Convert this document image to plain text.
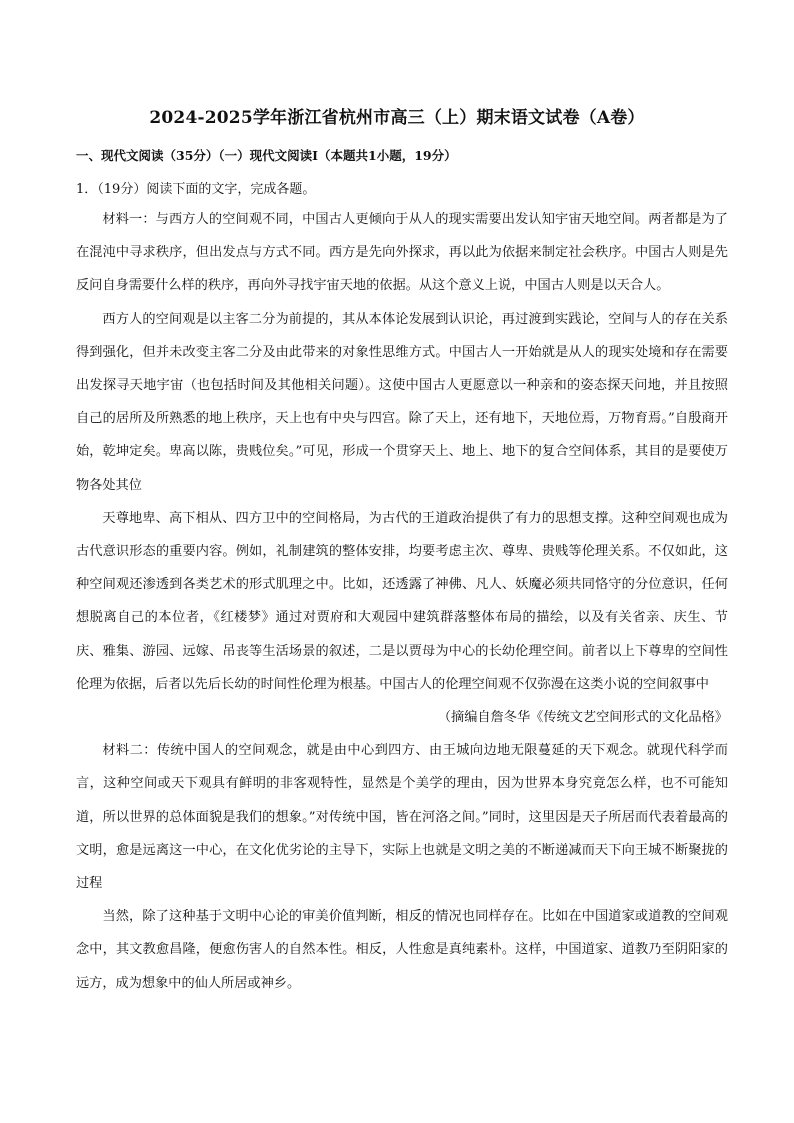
2024-2025学年浙江省杭州市高三（上）期末语文试卷（A卷）
一、现代文阅读（35分）（一）现代文阅读Ⅰ（本题共1小题，19分）
1．（19分）阅读下面的文字，完成各题。

材料一：与西方人的空间观不同，中国古人更倾向于从人的现实需要出发认知宇宙天地空间。两者都是为了在混沌中寻求秩序，但出发点与方式不同。西方是先向外探求，再以此为依据来制定社会秩序。中国古人则是先反问自身需要什么样的秩序，再向外寻找宇宙天地的依据。从这个意义上说，中国古人则是以天合人。

西方人的空间观是以主客二分为前提的，其从本体论发展到认识论，再过渡到实践论，空间与人的存在关系得到强化，但并未改变主客二分及由此带来的对象性思维方式。中国古人一开始就是从人的现实处境和存在需要出发探寻天地宇宙（也包括时间及其他相关问题）。这使中国古人更愿意以一种亲和的姿态探天问地，并且按照自己的居所及所熟悉的地上秩序，天上也有中央与四宫。除了天上，还有地下，天地位焉，万物育焉。”自殷商开始，乾坤定矣。卑高以陈，贵贱位矣。”可见，形成一个贯穿天上、地上、地下的复合空间体系，其目的是要使万物各处其位

天尊地卑、高下相从、四方卫中的空间格局，为古代的王道政治提供了有力的思想支撑。这种空间观也成为古代意识形态的重要内容。例如，礼制建筑的整体安排，均要考虑主次、尊卑、贵贱等伦理关系。不仅如此，这种空间观还渗透到各类艺术的形式肌理之中。比如，还透露了神佛、凡人、妖魔必须共同恪守的分位意识，任何想脱离自己的本位者，《红楼梦》通过对贾府和大观园中建筑群落整体布局的描绘，以及有关省亲、庆生、节庆、雅集、游园、远嫁、吊丧等生活场景的叙述，二是以贾母为中心的长幼伦理空间。前者以上下尊卑的空间性伦理为依据，后者以先后长幼的时间性伦理为根基。中国古人的伦理空间观不仅弥漫在这类小说的空间叙事中

（摘编自詹冬华《传统文艺空间形式的文化品格》

材料二：传统中国人的空间观念，就是由中心到四方、由王城向边地无限蔓延的天下观念。就现代科学而言，这种空间或天下观具有鲜明的非客观特性，显然是个美学的理由，因为世界本身究竟怎么样，也不可能知道，所以世界的总体面貌是我们的想象。”对传统中国，皆在河洛之间。”同时，这里因是天子所居而代表着最高的文明，愈是远离这一中心，在文化优劣论的主导下，实际上也就是文明之美的不断递减而天下向王城不断聚拢的过程

当然，除了这种基于文明中心论的审美价值判断，相反的情况也同样存在。比如在中国道家或道教的空间观念中，其文教愈昌隆，便愈伤害人的自然本性。相反，人性愈是真纯素朴。这样，中国道家、道教乃至阴阳家的远方，成为想象中的仙人所居或神乡。
